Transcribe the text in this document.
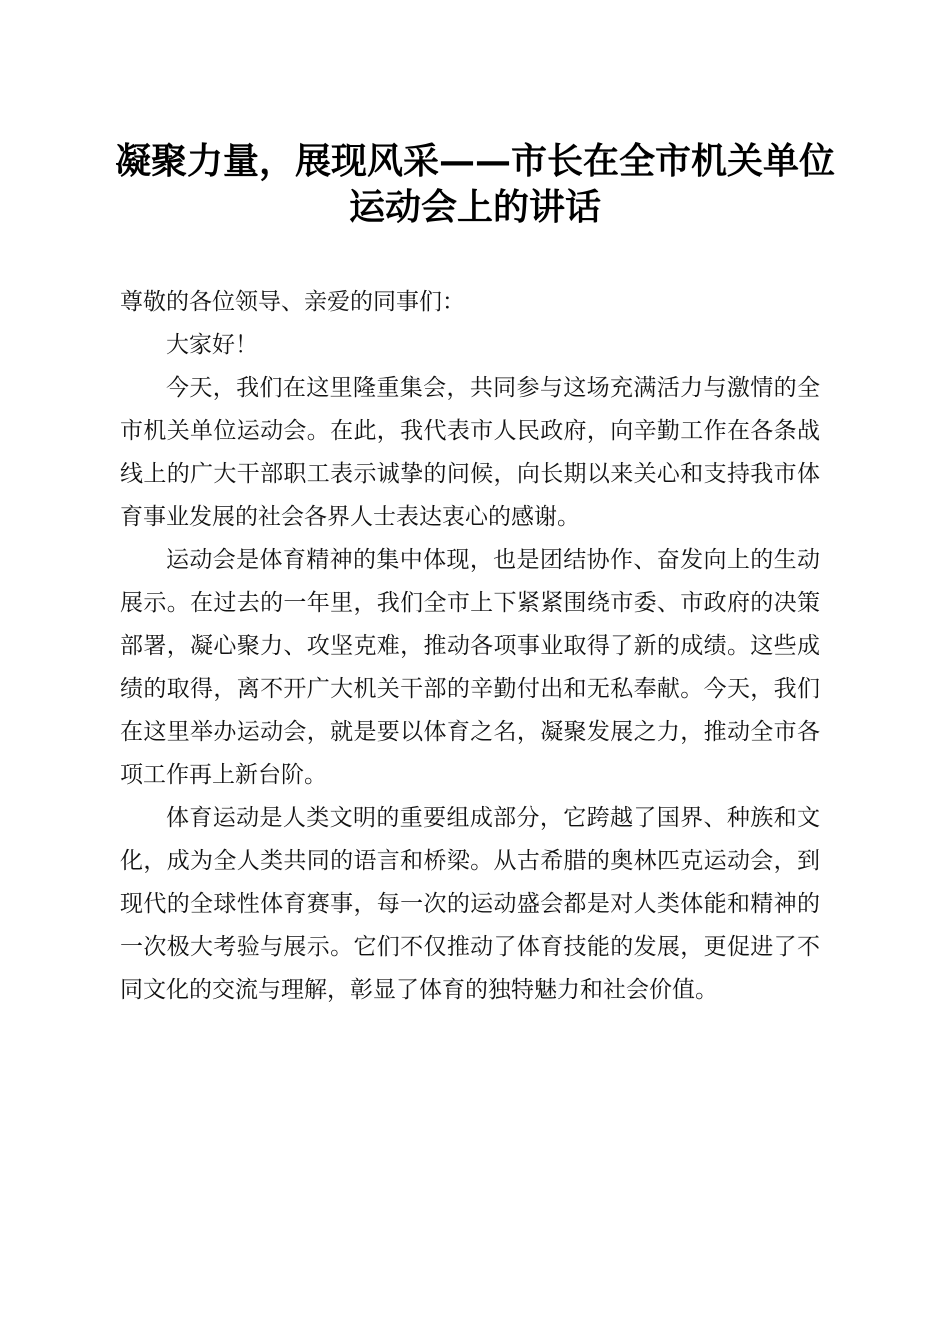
凝聚力量，展现风采——市长在全市机关单位运动会上的讲话

尊敬的各位领导、亲爱的同事们：

大家好！

今天，我们在这里隆重集会，共同参与这场充满活力与激情的全市机关单位运动会。在此，我代表市人民政府，向辛勤工作在各条战线上的广大干部职工表示诚挚的问候，向长期以来关心和支持我市体育事业发展的社会各界人士表达衷心的感谢。

运动会是体育精神的集中体现，也是团结协作、奋发向上的生动展示。在过去的一年里，我们全市上下紧紧围绕市委、市政府的决策部署，凝心聚力、攻坚克难，推动各项事业取得了新的成绩。这些成绩的取得，离不开广大机关干部的辛勤付出和无私奉献。今天，我们在这里举办运动会，就是要以体育之名，凝聚发展之力，推动全市各项工作再上新台阶。

体育运动是人类文明的重要组成部分，它跨越了国界、种族和文化，成为全人类共同的语言和桥梁。从古希腊的奥林匹克运动会，到现代的全球性体育赛事，每一次的运动盛会都是对人类体能和精神的一次极大考验与展示。它们不仅推动了体育技能的发展，更促进了不同文化的交流与理解，彰显了体育的独特魅力和社会价值。
